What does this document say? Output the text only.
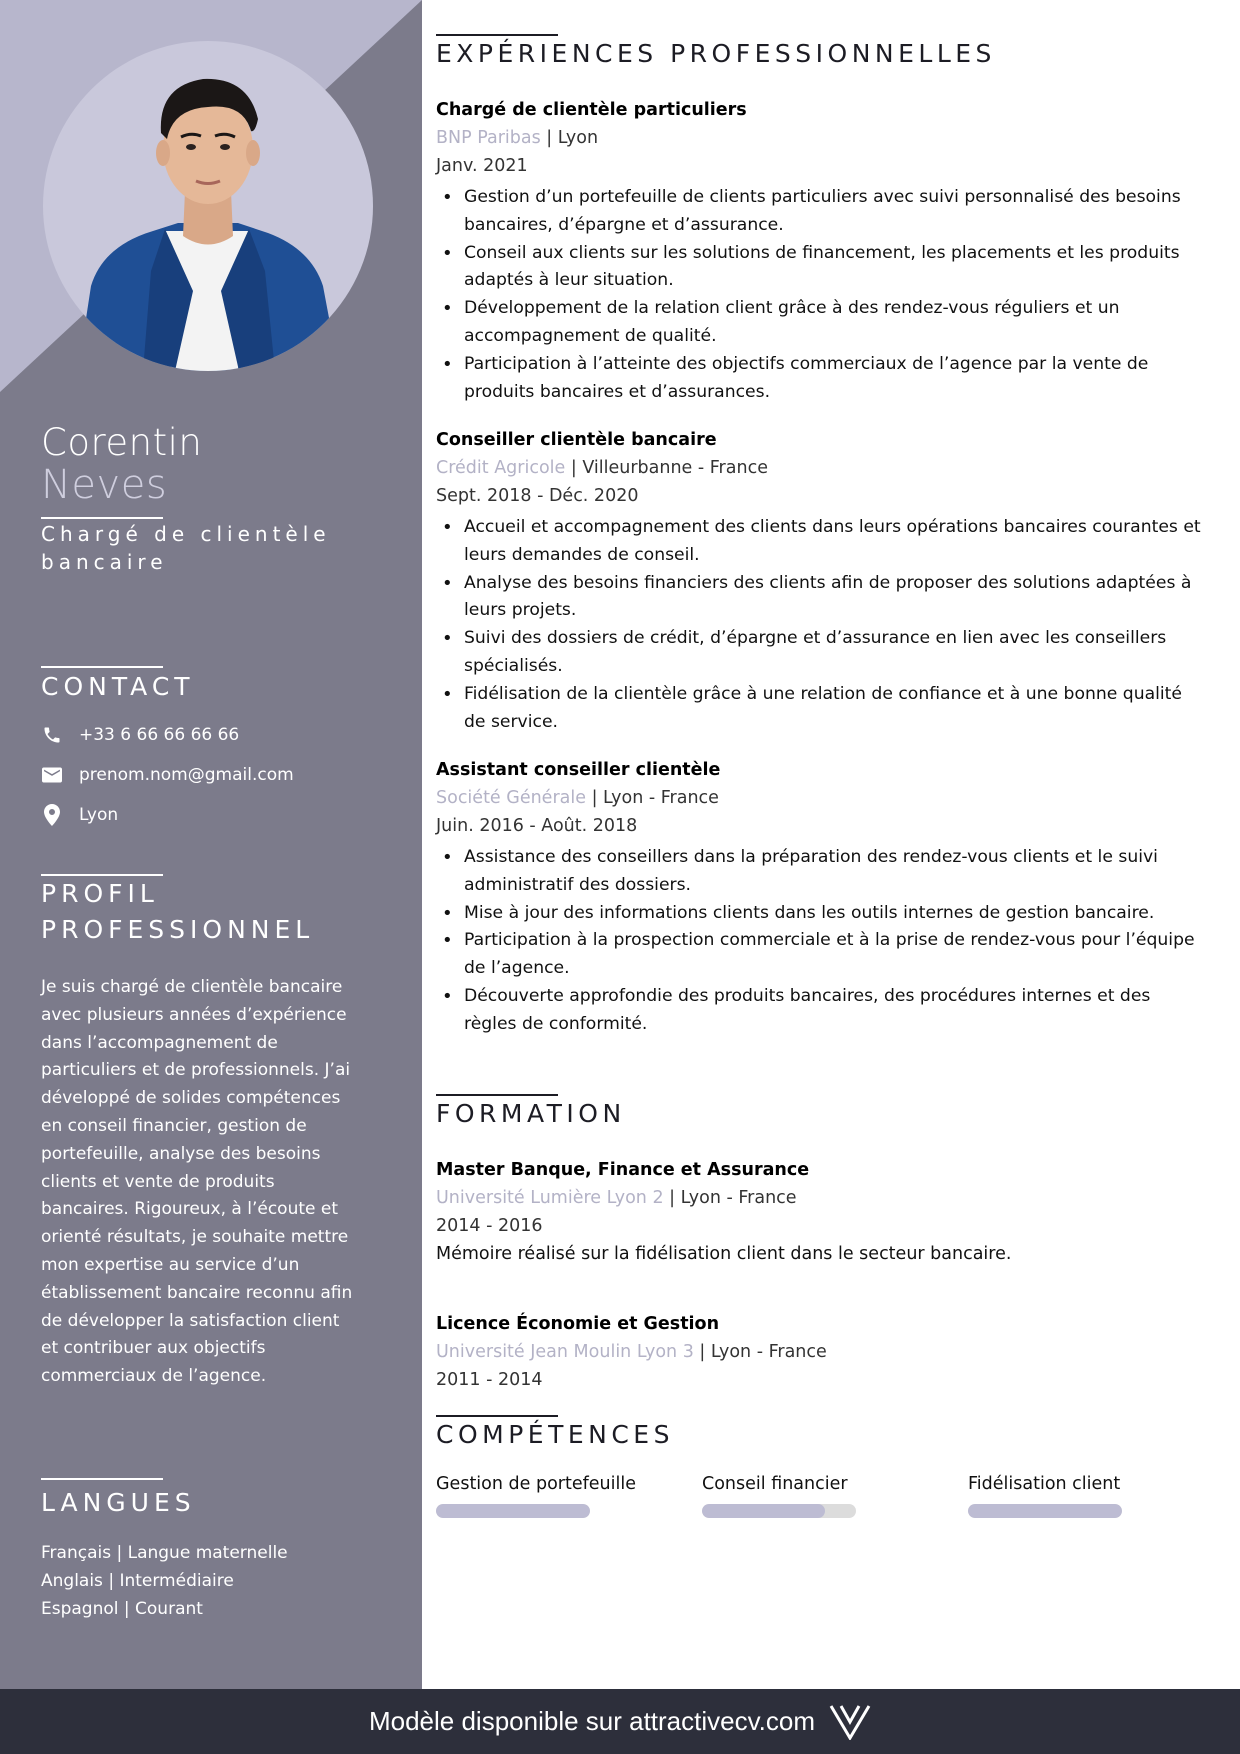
Corentin
Neves
Chargé de clientèle bancaire
CONTACT
+33 6 66 66 66 66
prenom.nom@gmail.com
Lyon
PROFIL
PROFESSIONNEL
Je suis chargé de clientèle bancaire avec plusieurs années d’expérience dans l’accompagnement de particuliers et de professionnels. J’ai développé de solides compétences en conseil financier, gestion de portefeuille, analyse des besoins clients et vente de produits bancaires. Rigoureux, à l’écoute et orienté résultats, je souhaite mettre mon expertise au service d’un établissement bancaire reconnu afin de développer la satisfaction client et contribuer aux objectifs commerciaux de l’agence.
LANGUES
Français | Langue maternelle
Anglais | Intermédiaire
Espagnol | Courant
EXPÉRIENCES PROFESSIONNELLES
Chargé de clientèle particuliers
BNP Paribas | Lyon
Janv. 2021
• Gestion d’un portefeuille de clients particuliers avec suivi personnalisé des besoins bancaires, d’épargne et d’assurance.
• Conseil aux clients sur les solutions de financement, les placements et les produits adaptés à leur situation.
• Développement de la relation client grâce à des rendez-vous réguliers et un accompagnement de qualité.
• Participation à l’atteinte des objectifs commerciaux de l’agence par la vente de produits bancaires et d’assurances.
Conseiller clientèle bancaire
Crédit Agricole | Villeurbanne - France
Sept. 2018 - Déc. 2020
• Accueil et accompagnement des clients dans leurs opérations bancaires courantes et leurs demandes de conseil.
• Analyse des besoins financiers des clients afin de proposer des solutions adaptées à leurs projets.
• Suivi des dossiers de crédit, d’épargne et d’assurance en lien avec les conseillers spécialisés.
• Fidélisation de la clientèle grâce à une relation de confiance et à une bonne qualité de service.
Assistant conseiller clientèle
Société Générale | Lyon - France
Juin. 2016 - Août. 2018
• Assistance des conseillers dans la préparation des rendez-vous clients et le suivi administratif des dossiers.
• Mise à jour des informations clients dans les outils internes de gestion bancaire.
• Participation à la prospection commerciale et à la prise de rendez-vous pour l’équipe de l’agence.
• Découverte approfondie des produits bancaires, des procédures internes et des règles de conformité.
FORMATION
Master Banque, Finance et Assurance
Université Lumière Lyon 2 | Lyon - France
2014 - 2016
Mémoire réalisé sur la fidélisation client dans le secteur bancaire.
Licence Économie et Gestion
Université Jean Moulin Lyon 3 | Lyon - France
2011 - 2014
COMPÉTENCES
Gestion de portefeuille	Conseil financier	Fidélisation client
Modèle disponible sur attractivecv.com
